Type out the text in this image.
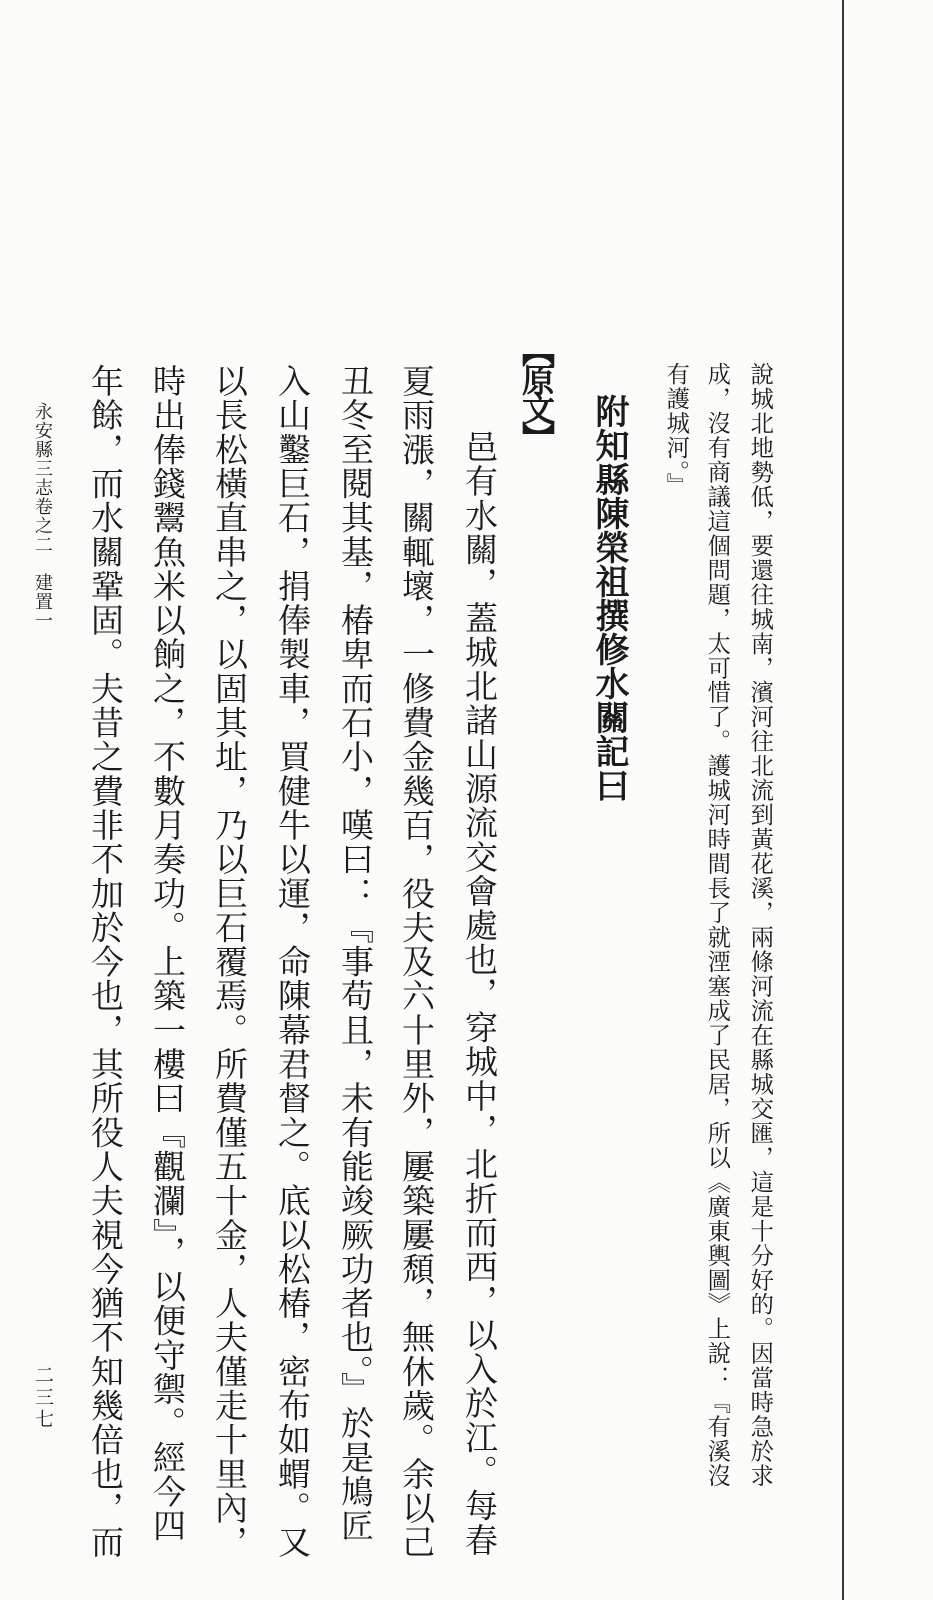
說城北地勢低，要還往城南，濱河往北流到黃花溪，兩條河流在縣城交匯，這是十分好的。因當時急於求
成，沒有商議這個問題，太可惜了。護城河時間長了就湮塞成了民居，所以《廣東輿圖》上說：『有溪沒
有護城河。』
附知縣陳榮祖撰修水關記曰
【原文】
邑有水關，蓋城北諸山源流交會處也，穿城中，北折而西，以入於江。每春
夏雨漲，關輒壞，一修費金幾百，役夫及六十里外，屢築屢頹，無休歲。余以己
丑冬至閱其基，椿卑而石小，嘆曰：『事苟且，未有能竣厥功者也。』於是鳩匠
入山鑿巨石，捐俸製車，買健牛以運，命陳幕君督之。底以松椿，密布如蝟。又
以長松橫直串之，以固其址，乃以巨石覆焉。所費僅五十金，人夫僅走十里內，
時出俸錢鬻魚米以餉之，不數月奏功。上築一樓曰『觀瀾』，以便守禦。經今四
年餘，而水關鞏固。夫昔之費非不加於今也，其所役人夫視今猶不知幾倍也，而
永安縣三志卷之二　建置一
二三七
